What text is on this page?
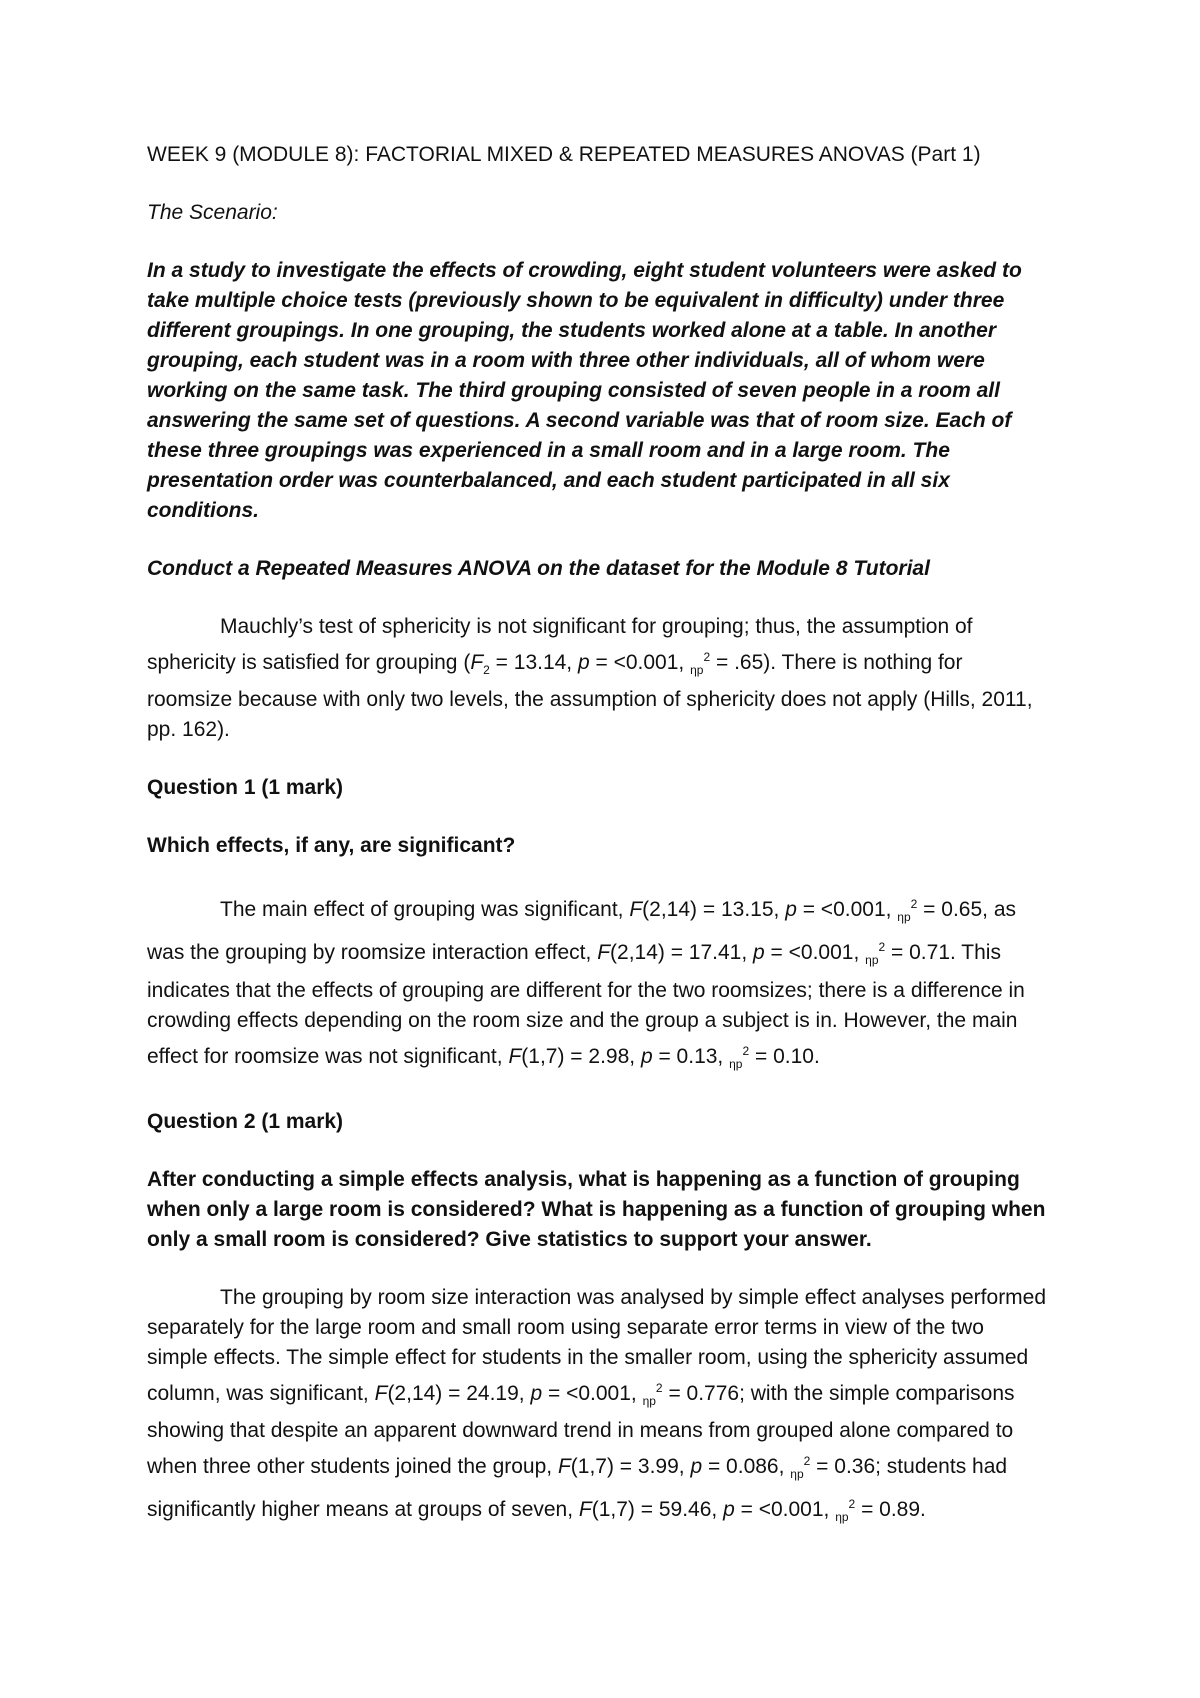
WEEK 9 (MODULE 8): FACTORIAL MIXED & REPEATED MEASURES ANOVAS (Part 1)

The Scenario:

In a study to investigate the effects of crowding, eight student volunteers were asked to take multiple choice tests (previously shown to be equivalent in difficulty) under three different groupings. In one grouping, the students worked alone at a table. In another grouping, each student was in a room with three other individuals, all of whom were working on the same task. The third grouping consisted of seven people in a room all answering the same set of questions. A second variable was that of room size. Each of these three groupings was experienced in a small room and in a large room. The presentation order was counterbalanced, and each student participated in all six conditions.

Conduct a Repeated Measures ANOVA on the dataset for the Module 8 Tutorial

Mauchly’s test of sphericity is not significant for grouping; thus, the assumption of sphericity is satisfied for grouping ($F_2 = 13.14$, p = <0.001, $_{\eta p}^2$ = .65). There is nothing for roomsize because with only two levels, the assumption of sphericity does not apply (Hills, 2011, pp. 162).

Question 1 (1 mark)

Which effects, if any, are significant?

The main effect of grouping was significant, F(2,14) = 13.15, p = <0.001, $_{\eta p}^2$ = 0.65, as was the grouping by roomsize interaction effect, F(2,14) = 17.41, p = <0.001, $_{\eta p}^2$ = 0.71. This indicates that the effects of grouping are different for the two roomsizes; there is a difference in crowding effects depending on the room size and the group a subject is in. However, the main effect for roomsize was not significant, F(1,7) = 2.98, p = 0.13, $_{\eta p}^2$ = 0.10.

Question 2 (1 mark)

After conducting a simple effects analysis, what is happening as a function of grouping when only a large room is considered? What is happening as a function of grouping when only a small room is considered? Give statistics to support your answer.

The grouping by room size interaction was analysed by simple effect analyses performed separately for the large room and small room using separate error terms in view of the two simple effects. The simple effect for students in the smaller room, using the sphericity assumed column, was significant, F(2,14) = 24.19, p = <0.001, $_{\eta p}^2$ = 0.776; with the simple comparisons showing that despite an apparent downward trend in means from grouped alone compared to when three other students joined the group, F(1,7) = 3.99, p = 0.086, $_{\eta p}^2$ = 0.36; students had significantly higher means at groups of seven, F(1,7) = 59.46, p = <0.001, $_{\eta p}^2$ = 0.89.
